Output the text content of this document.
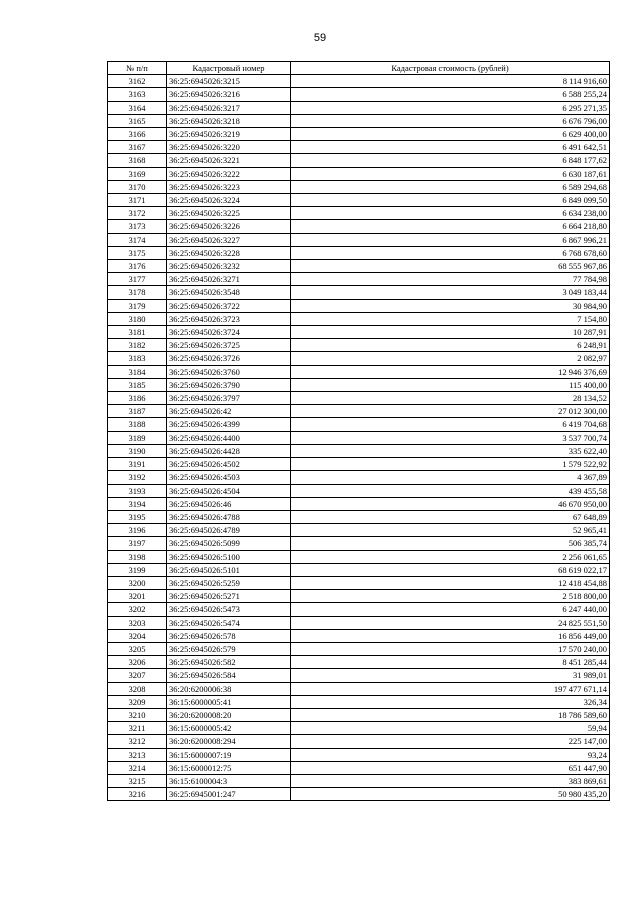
59
№ п/п	Кадастровый номер	Кадастровая стоимость (рублей)
3162	36:25:6945026:3215	8 114 916,60
3163	36:25:6945026:3216	6 588 255,24
3164	36:25:6945026:3217	6 295 271,35
3165	36:25:6945026:3218	6 676 796,00
3166	36:25:6945026:3219	6 629 400,00
3167	36:25:6945026:3220	6 491 642,51
3168	36:25:6945026:3221	6 848 177,62
3169	36:25:6945026:3222	6 630 187,61
3170	36:25:6945026:3223	6 589 294,68
3171	36:25:6945026:3224	6 849 099,50
3172	36:25:6945026:3225	6 634 238,00
3173	36:25:6945026:3226	6 664 218,80
3174	36:25:6945026:3227	6 867 996,21
3175	36:25:6945026:3228	6 768 678,60
3176	36:25:6945026:3232	68 555 967,86
3177	36:25:6945026:3271	77 784,98
3178	36:25:6945026:3548	3 049 183,44
3179	36:25:6945026:3722	30 984,90
3180	36:25:6945026:3723	7 154,80
3181	36:25:6945026:3724	10 287,91
3182	36:25:6945026:3725	6 248,91
3183	36:25:6945026:3726	2 082,97
3184	36:25:6945026:3760	12 946 376,69
3185	36:25:6945026:3790	115 400,00
3186	36:25:6945026:3797	28 134,52
3187	36:25:6945026:42	27 012 300,00
3188	36:25:6945026:4399	6 419 704,68
3189	36:25:6945026:4400	3 537 700,74
3190	36:25:6945026:4428	335 622,40
3191	36:25:6945026:4502	1 579 522,92
3192	36:25:6945026:4503	4 367,89
3193	36:25:6945026:4504	439 455,58
3194	36:25:6945026:46	46 670 950,00
3195	36:25:6945026:4788	67 648,89
3196	36:25:6945026:4789	52 965,41
3197	36:25:6945026:5099	506 385,74
3198	36:25:6945026:5100	2 256 061,65
3199	36:25:6945026:5101	68 619 022,17
3200	36:25:6945026:5259	12 418 454,88
3201	36:25:6945026:5271	2 518 800,00
3202	36:25:6945026:5473	6 247 440,00
3203	36:25:6945026:5474	24 825 551,50
3204	36:25:6945026:578	16 856 449,00
3205	36:25:6945026:579	17 570 240,00
3206	36:25:6945026:582	8 451 285,44
3207	36:25:6945026:584	31 989,01
3208	36:20:6200006:38	197 477 671,14
3209	36:15:6000005:41	326,34
3210	36:20:6200008:20	18 786 589,60
3211	36:15:6000005:42	59,94
3212	36:20:6200008:294	225 147,00
3213	36:15:6000007:19	93,24
3214	36:15:6000012:75	651 447,90
3215	36:15:6100004:3	383 869,61
3216	36:25:6945001:247	50 980 435,20
